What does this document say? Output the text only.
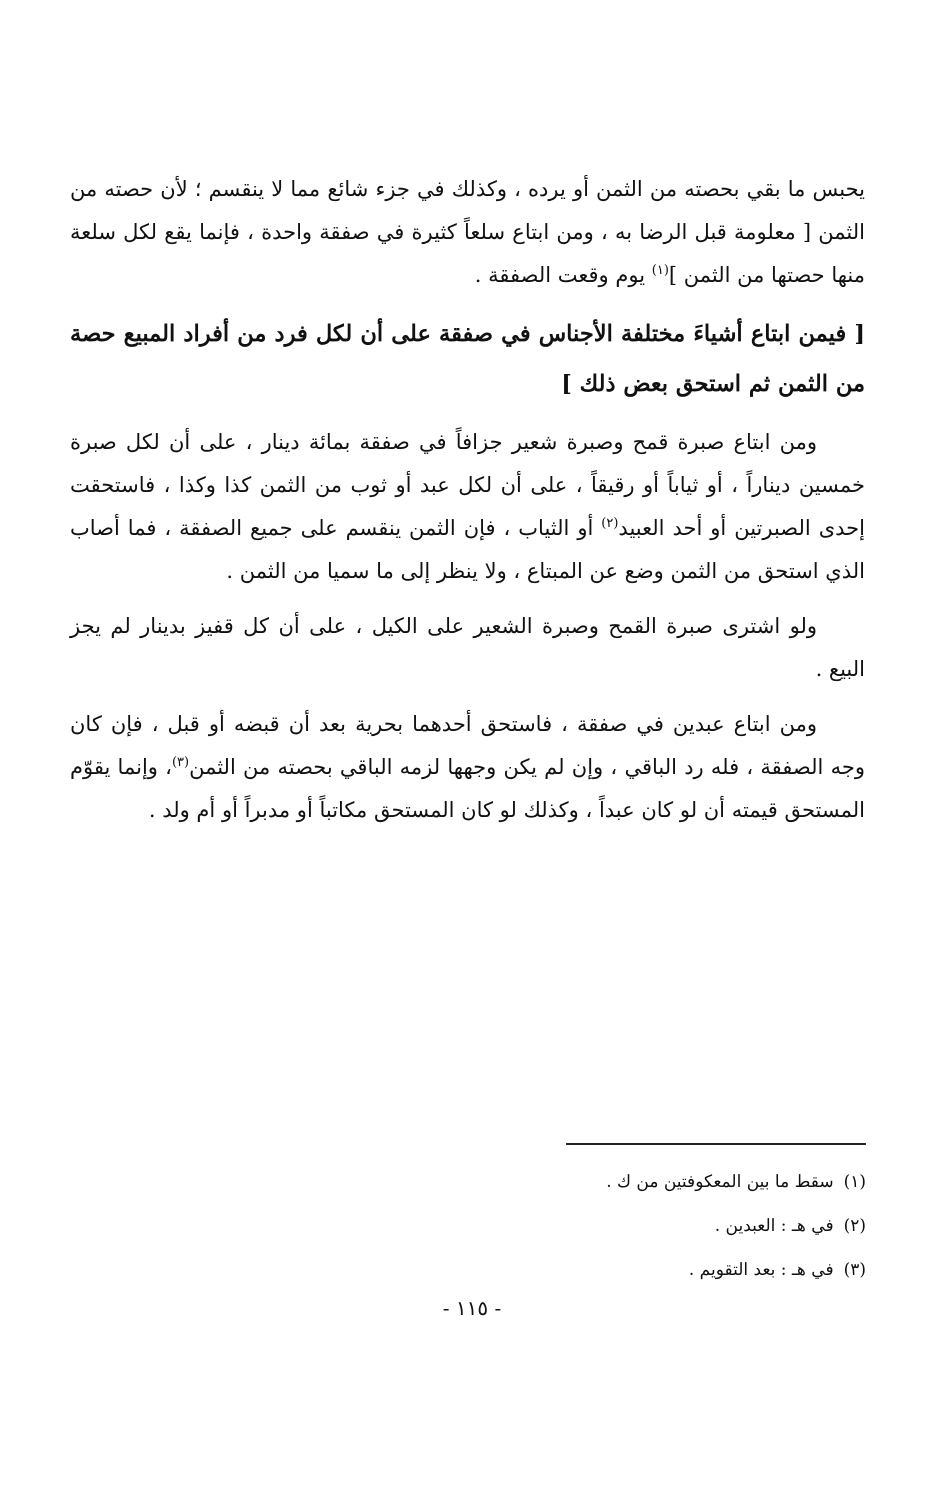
يحبس ما بقي بحصته من الثمن أو يرده ، وكذلك في جزء شائع مما لا ينقسم ؛ لأن حصته من الثمن [ معلومة قبل الرضا به ، ومن ابتاع سلعاً كثيرة في صفقة واحدة ، فإنما يقع لكل سلعة منها حصتها من الثمن ]$^{(١)}$ يوم وقعت الصفقة .

[ فيمن ابتاع أشياءَ مختلفة الأجناس في صفقة على أن لكل فرد من أفراد المبيع حصة من الثمن ثم استحق بعض ذلك ]

ومن ابتاع صبرة قمح وصبرة شعير جزافاً في صفقة بمائة دينار ، على أن لكل صبرة خمسين ديناراً ، أو ثياباً أو رقيقاً ، على أن لكل عبد أو ثوب من الثمن كذا وكذا ، فاستحقت إحدى الصبرتين أو أحد العبيد$^{(٢)}$ أو الثياب ، فإن الثمن ينقسم على جميع الصفقة ، فما أصاب الذي استحق من الثمن وضع عن المبتاع ، ولا ينظر إلى ما سميا من الثمن .

ولو اشترى صبرة القمح وصبرة الشعير على الكيل ، على أن كل قفيز بدينار لم يجز البيع .

ومن ابتاع عبدين في صفقة ، فاستحق أحدهما بحرية بعد أن قبضه أو قبل ، فإن كان وجه الصفقة ، فله رد الباقي ، وإن لم يكن وجهها لزمه الباقي بحصته من الثمن$^{(٣)}$، وإنما يقوّم المستحق قيمته أن لو كان عبداً ، وكذلك لو كان المستحق مكاتباً أو مدبراً أو أم ولد .

(١)سقط ما بين المعكوفتين من ك .
(٢)في هـ : العبدين .
(٣)في هـ : بعد التقويم .
- ١١٥ -
